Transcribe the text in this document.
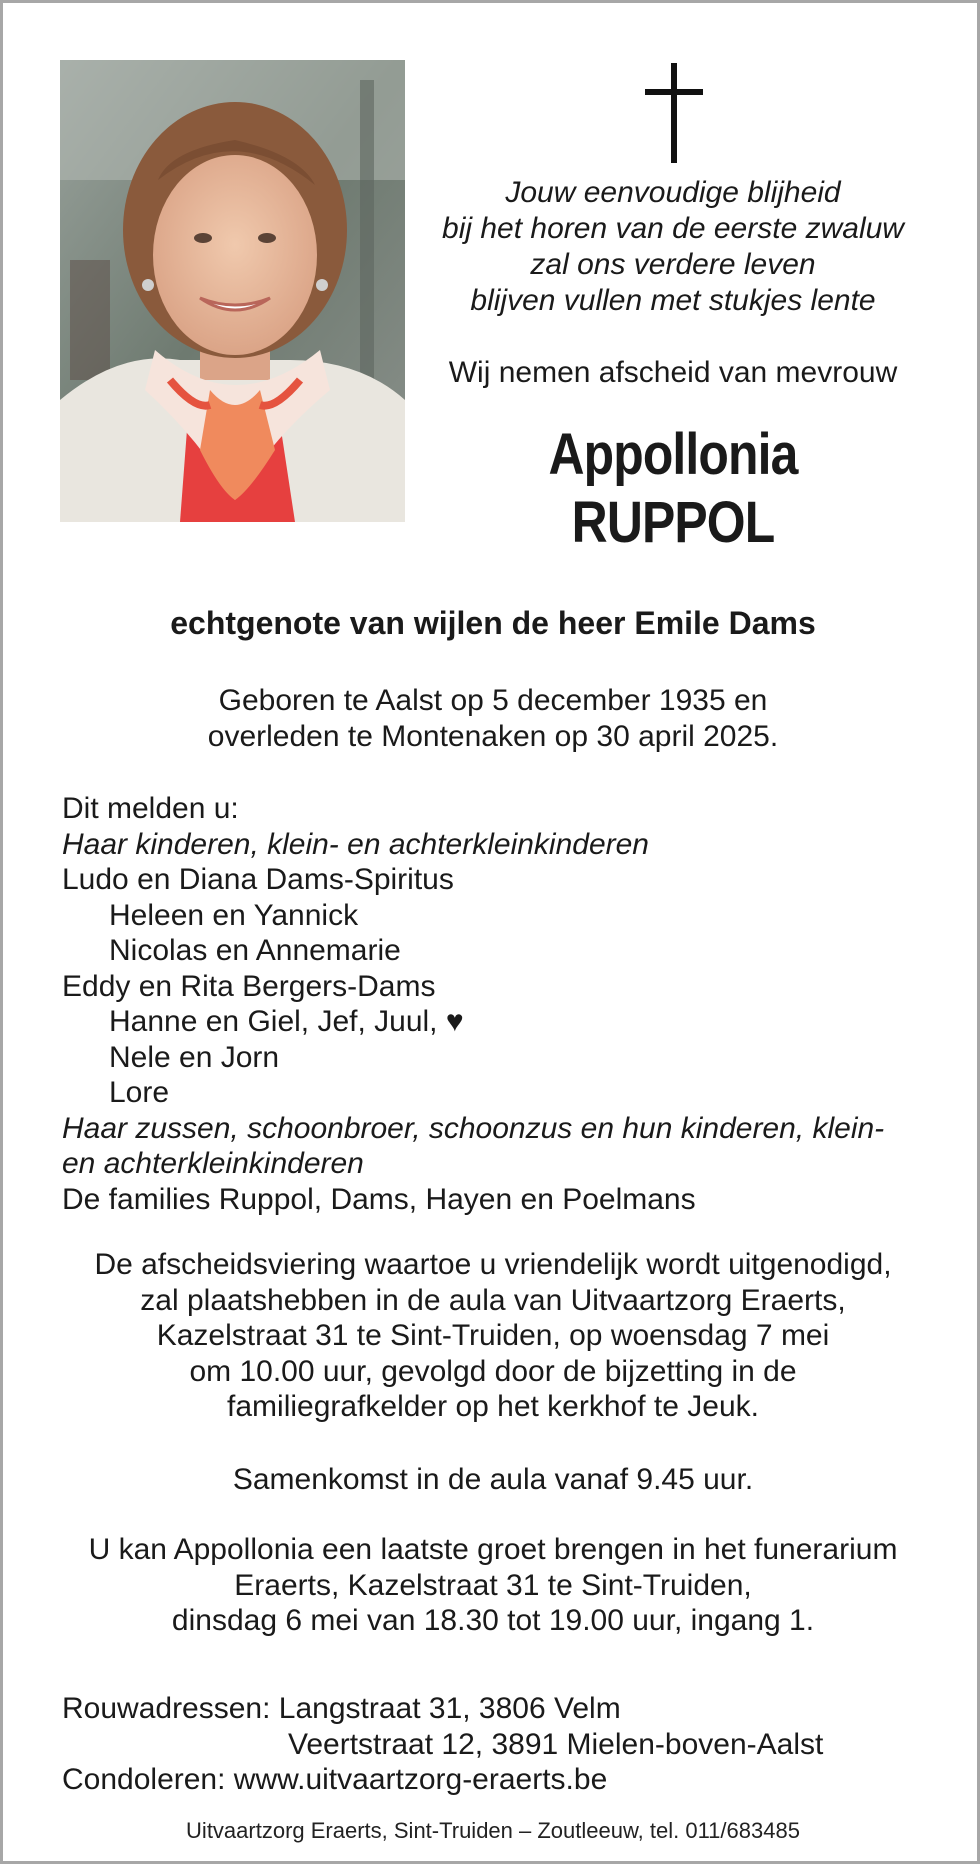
Jouw eenvoudige blijheid
bij het horen van de eerste zwaluw
zal ons verdere leven
blijven vullen met stukjes lente
Wij nemen afscheid van mevrouw
Appollonia
RUPPOL
echtgenote van wijlen de heer Emile Dams
Geboren te Aalst op 5 december 1935 en
overleden te Montenaken op 30 april 2025.
Dit melden u:
Haar kinderen, klein- en achterkleinkinderen
Ludo en Diana Dams-Spiritus
Heleen en Yannick
Nicolas en Annemarie
Eddy en Rita Bergers-Dams
Hanne en Giel, Jef, Juul, ♥
Nele en Jorn
Lore
Haar zussen, schoonbroer, schoonzus en hun kinderen, klein-
en achterkleinkinderen
De families Ruppol, Dams, Hayen en Poelmans
De afscheidsviering waartoe u vriendelijk wordt uitgenodigd,
zal plaatshebben in de aula van Uitvaartzorg Eraerts,
Kazelstraat 31 te Sint-Truiden, op woensdag 7 mei
om 10.00 uur, gevolgd door de bijzetting in de
familiegrafkelder op het kerkhof te Jeuk.
Samenkomst in de aula vanaf 9.45 uur.
U kan Appollonia een laatste groet brengen in het funerarium
Eraerts, Kazelstraat 31 te Sint-Truiden,
dinsdag 6 mei van 18.30 tot 19.00 uur, ingang 1.
Rouwadressen: Langstraat 31, 3806 Velm
Veertstraat 12, 3891 Mielen-boven-Aalst
Condoleren: www.uitvaartzorg-eraerts.be
Uitvaartzorg Eraerts, Sint-Truiden – Zoutleeuw, tel. 011/683485
